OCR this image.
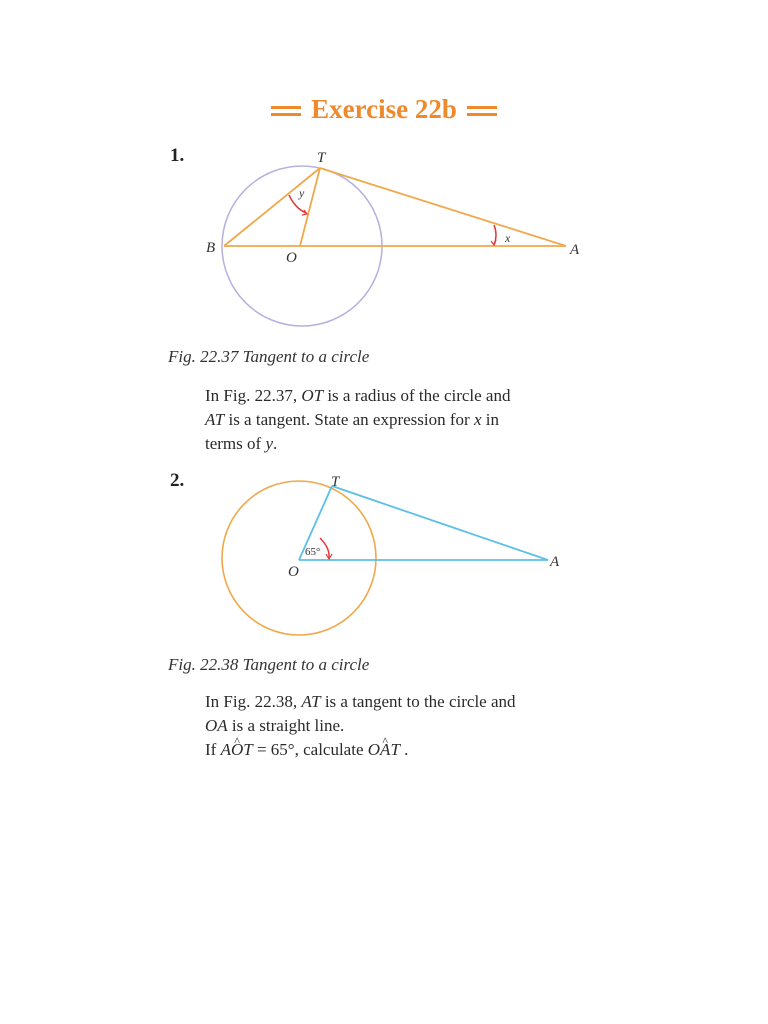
Exercise 22b
1.	T
B
O	A
y
x
T
O
A
65°
Fig. 22.37 Tangent to a circle
In Fig. 22.37, OT is a radius of the circle and
AT is a tangent. State an expression for x in
terms of y.
2.
Fig. 22.38 Tangent to a circle
In Fig. 22.38, AT is a tangent to the circle and
OA is a straight line.
If A^ OT = 65°, calculate O^ AT .
